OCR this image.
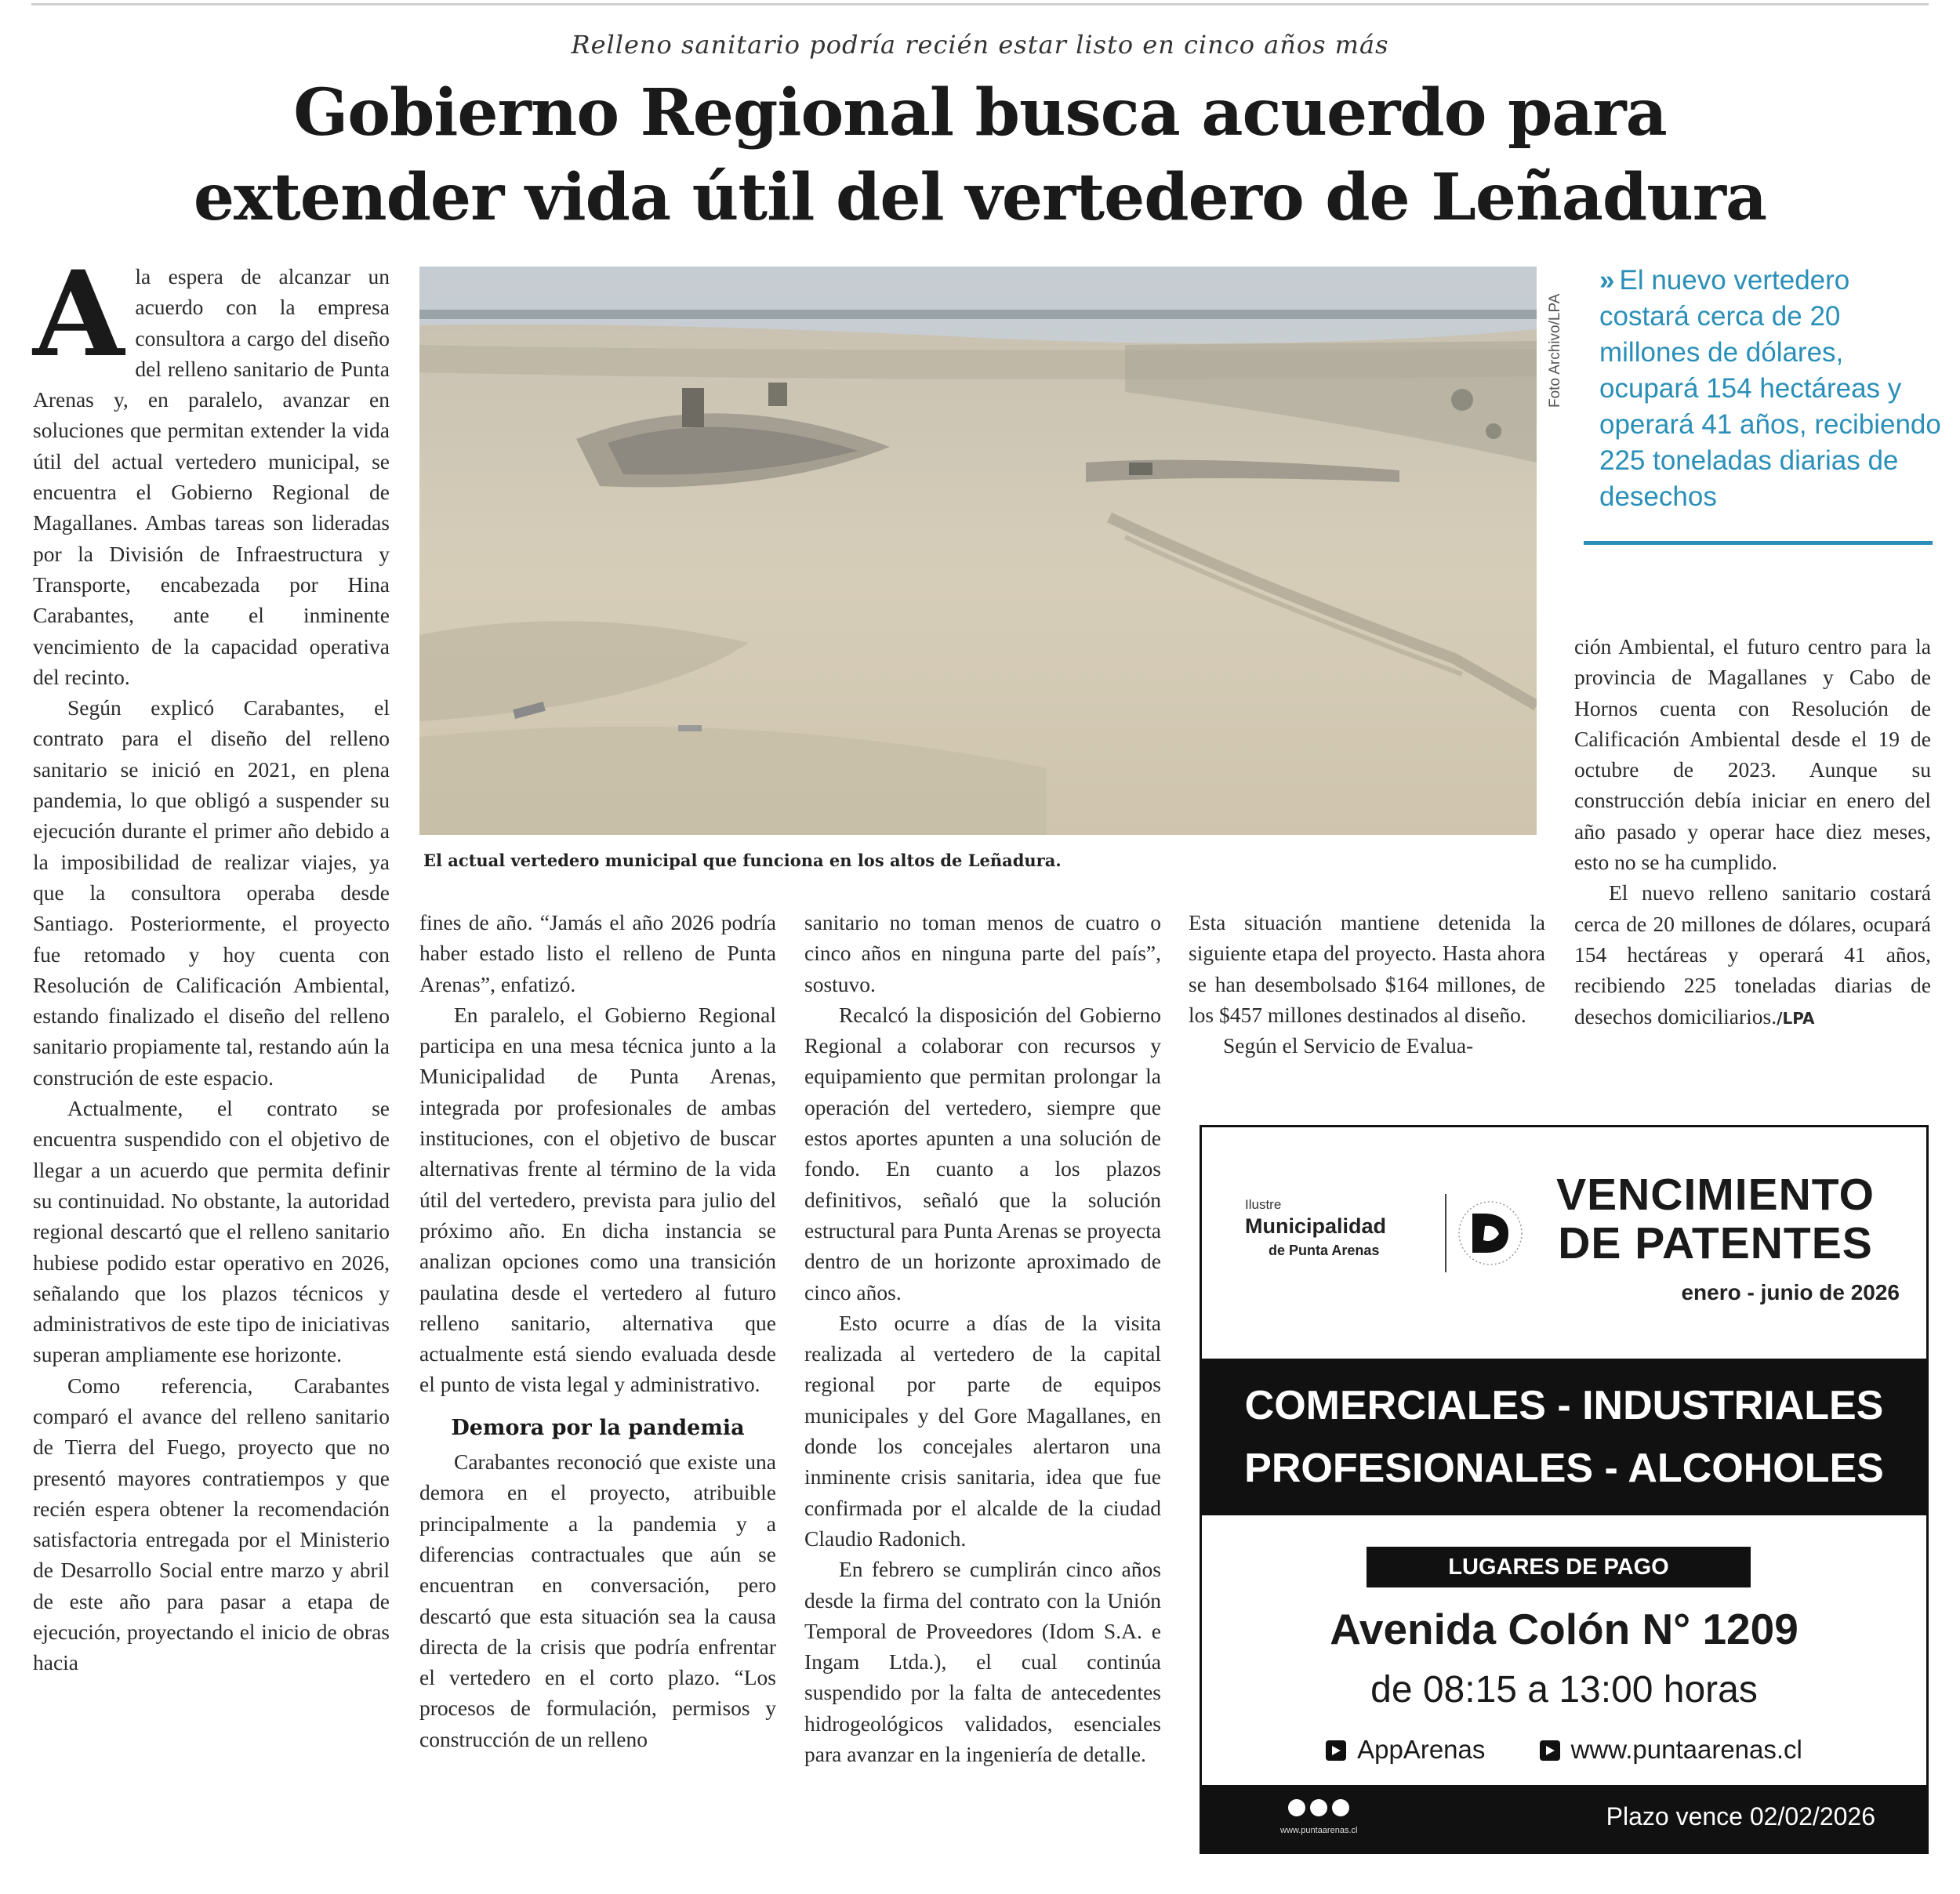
Relleno sanitario podría recién estar listo en cinco años más
Gobierno Regional busca acuerdo para
extender vida útil del vertedero de Leñadura

Ala espera de alcanzar un acuerdo con la empresa consultora a cargo del diseño del relleno sanitario de Punta Arenas y, en paralelo, avanzar en soluciones que permitan extender la vida útil del actual vertedero municipal, se encuentra el Gobierno Regional de Magallanes. Ambas tareas son lideradas por la División de Infraestructura y Transporte, encabezada por Hina Carabantes, ante el inminente vencimiento de la capacidad operativa del recinto.

Según explicó Carabantes, el contrato para el diseño del relleno sanitario se inició en 2021, en plena pandemia, lo que obligó a suspender su ejecución durante el primer año debido a la imposibilidad de realizar viajes, ya que la consultora operaba desde Santiago. Posteriormente, el proyecto fue retomado y hoy cuenta con Resolución de Calificación Ambiental, estando finalizado el diseño del relleno sanitario propiamente tal, restando aún la construción de este espacio.

Actualmente, el contrato se encuentra suspendido con el objetivo de llegar a un acuerdo que permita definir su continuidad. No obstante, la autoridad regional descartó que el relleno sanitario hubiese podido estar operativo en 2026, señalando que los plazos técnicos y administrativos de este tipo de iniciativas superan ampliamente ese horizonte.

Como referencia, Carabantes comparó el avance del relleno sanitario de Tierra del Fuego, proyecto que no presentó mayores contratiempos y que recién espera obtener la recomendación satisfactoria entregada por el Ministerio de Desarrollo Social entre marzo y abril de este año para pasar a etapa de ejecución, proyectando el inicio de obras hacia

El actual vertedero municipal que funciona en los altos de Leñadura.
Foto Archivo/LPA
» El nuevo vertedero costará cerca de 20 millones de dólares, ocupará 154 hectáreas y operará 41 años, recibiendo 225 toneladas diarias de desechos

fines de año. “Jamás el año 2026 podría haber estado listo el relleno de Punta Arenas”, enfatizó.

En paralelo, el Gobierno Regional participa en una mesa técnica junto a la Municipalidad de Punta Arenas, integrada por profesionales de ambas instituciones, con el objetivo de buscar alternativas frente al término de la vida útil del vertedero, prevista para julio del próximo año. En dicha instancia se analizan opciones como una transición paulatina desde el vertedero al futuro relleno sanitario, alternativa que actualmente está siendo evaluada desde el punto de vista legal y administrativo.

Demora por la pandemia

Carabantes reconoció que existe una demora en el proyecto, atribuible principalmente a la pandemia y a diferencias contractuales que aún se encuentran en conversación, pero descartó que esta situación sea la causa directa de la crisis que podría enfrentar el vertedero en el corto plazo. “Los procesos de formulación, permisos y construcción de un relleno

sanitario no toman menos de cuatro o cinco años en ninguna parte del país”, sostuvo.

Recalcó la disposición del Gobierno Regional a colaborar con recursos y equipamiento que permitan prolongar la operación del vertedero, siempre que estos aportes apunten a una solución de fondo. En cuanto a los plazos definitivos, señaló que la solución estructural para Punta Arenas se proyecta dentro de un horizonte aproximado de cinco años.

Esto ocurre a días de la visita realizada al vertedero de la capital regional por parte de equipos municipales y del Gore Magallanes, en donde los concejales alertaron una inminente crisis sanitaria, idea que fue confirmada por el alcalde de la ciudad Claudio Radonich.

En febrero se cumplirán cinco años desde la firma del contrato con la Unión Temporal de Proveedores (Idom S.A. e Ingam Ltda.), el cual continúa suspendido por la falta de antecedentes hidrogeológicos validados, esenciales para avanzar en la ingeniería de detalle.

Esta situación mantiene detenida la siguiente etapa del proyecto. Hasta ahora se han desembolsado $164 millones, de los $457 millones destinados al diseño.

Según el Servicio de Evalua-

ción Ambiental, el futuro centro para la provincia de Magallanes y Cabo de Hornos cuenta con Resolución de Calificación Ambiental desde el 19 de octubre de 2023. Aunque su construcción debía iniciar en enero del año pasado y operar hace diez meses, esto no se ha cumplido.

El nuevo relleno sanitario costará cerca de 20 millones de dólares, ocupará 154 hectáreas y operará 41 años, recibiendo 225 toneladas diarias de desechos domiciliarios./LPA

Ilustre
Municipalidad
de Punta Arenas
VENCIMIENTO
DE PATENTES
enero - junio de 2026
COMERCIALES - INDUSTRIALES
PROFESIONALES - ALCOHOLES
LUGARES DE PAGO
Avenida Colón N° 1209
de 08:15 a 13:00 horas
AppArenas	www.puntaarenas.cl
www.puntaarenas.cl	Plazo vence 02/02/2026
